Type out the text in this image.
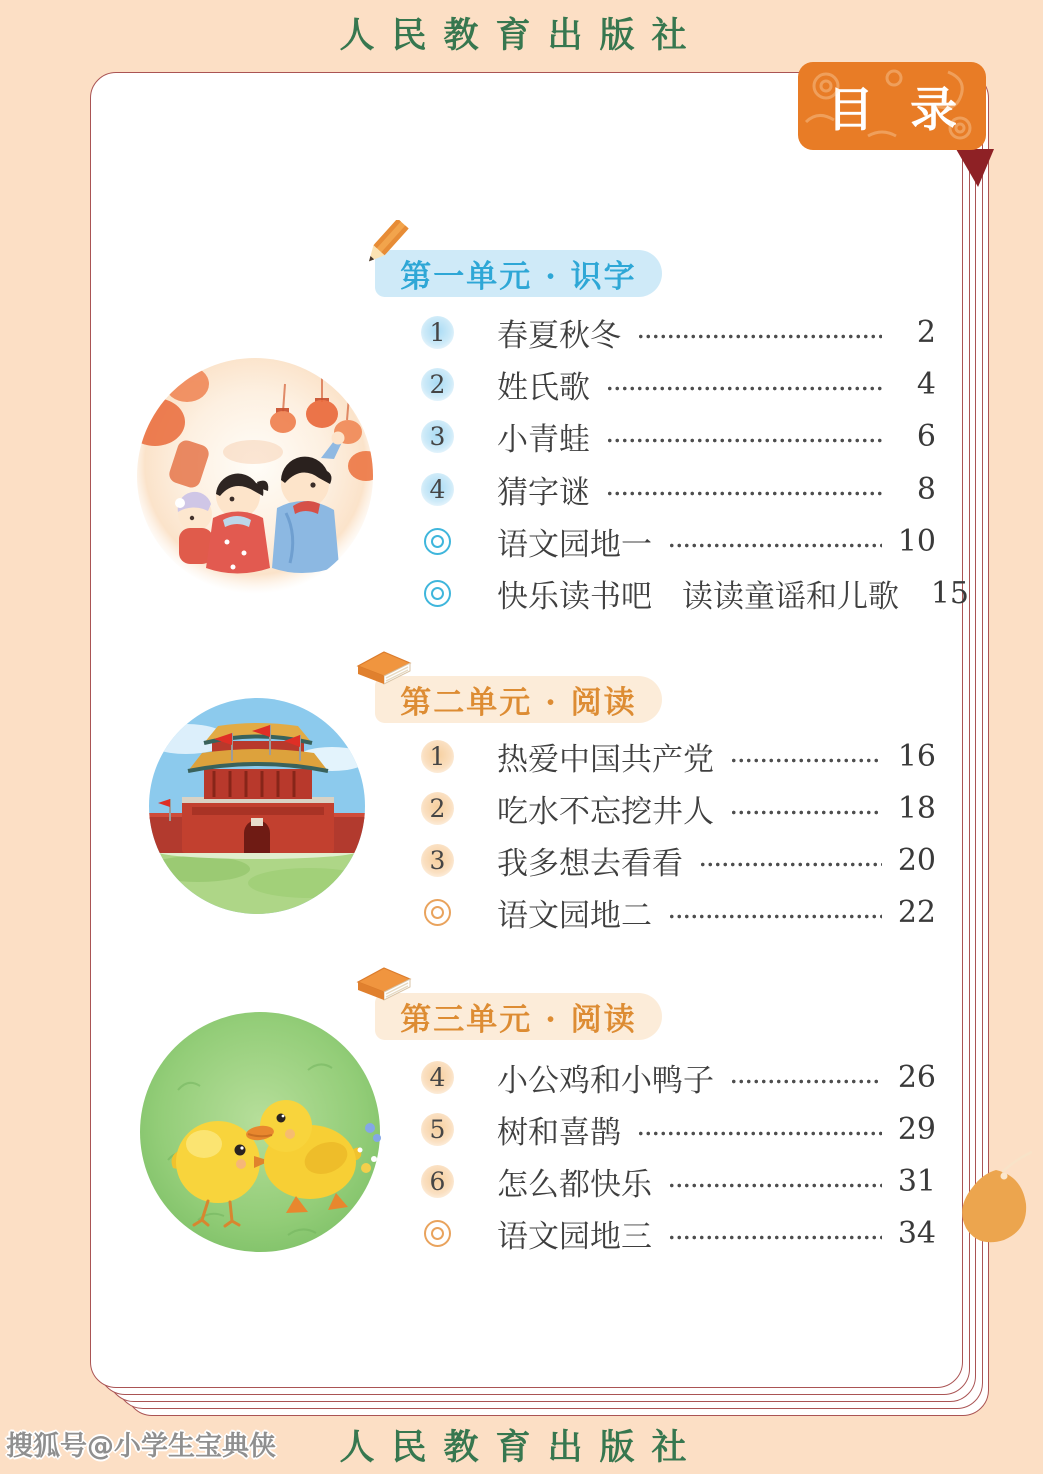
人民教育出版社
目 录
第一单元 · 识字
1 春夏秋冬	2
2 姓氏歌	4
3 小青蛙	6
4 猜字谜	8
语文园地一	10
快乐读书吧 读读童谣和儿歌 15
第二单元 · 阅读
1 热爱中国共产党	16
2 吃水不忘挖井人	18
3 我多想去看看	20
语文园地二	22
第三单元 · 阅读
4 小公鸡和小鸭子	26
5 树和喜鹊	29
6 怎么都快乐	31
语文园地三	34
人民教育出版社
搜狐号@小学生宝典侠
